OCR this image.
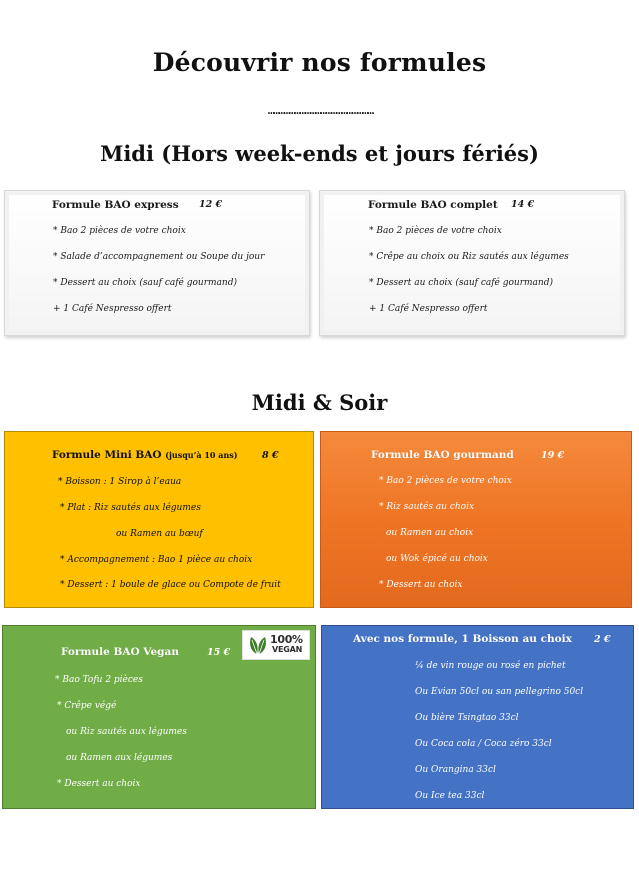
Découvrir nos formules
……………………………………………………
Midi (Hors week-ends et jours fériés)
Formule BAO express 12 €
* Bao 2 pièces de votre choix
* Salade d’accompagnement ou Soupe du jour
* Dessert au choix (sauf café gourmand)
+ 1 Café Nespresso offert
Formule BAO complet 14 €
* Bao 2 pièces de votre choix
* Crêpe au choix ou Riz sautés aux légumes
* Dessert au choix (sauf café gourmand)
+ 1 Café Nespresso offert
Midi & Soir
Formule Mini BAO (jusqu’à 10 ans)	8 €
* Boisson : 1 Sirop à l’eaua
* Plat : Riz sautés aux légumes
ou Ramen au bœuf
* Accompagnement : Bao 1 pièce au choix
* Dessert : 1 boule de glace ou Compote de fruit
Formule BAO gourmand	19 €
* Bao 2 pièces de votre choix
* Riz sautés au choix
ou Ramen au choix
ou Wok épicé au choix
* Dessert au choix
Formule BAO Vegan	15 €
100%
VEGAN
* Bao Tofu 2 pièces
* Crêpe végé
ou Riz sautés aux légumes
ou Ramen aux légumes
* Dessert au choix
Avec nos formule, 1 Boisson au choix 2 €
¼ de vin rouge ou rosé en pichet
Ou Evian 50cl ou san pellegrino 50cl
Ou bière Tsingtao 33cl
Ou Coca cola / Coca zéro 33cl
Ou Orangina 33cl
Ou Ice tea 33cl
